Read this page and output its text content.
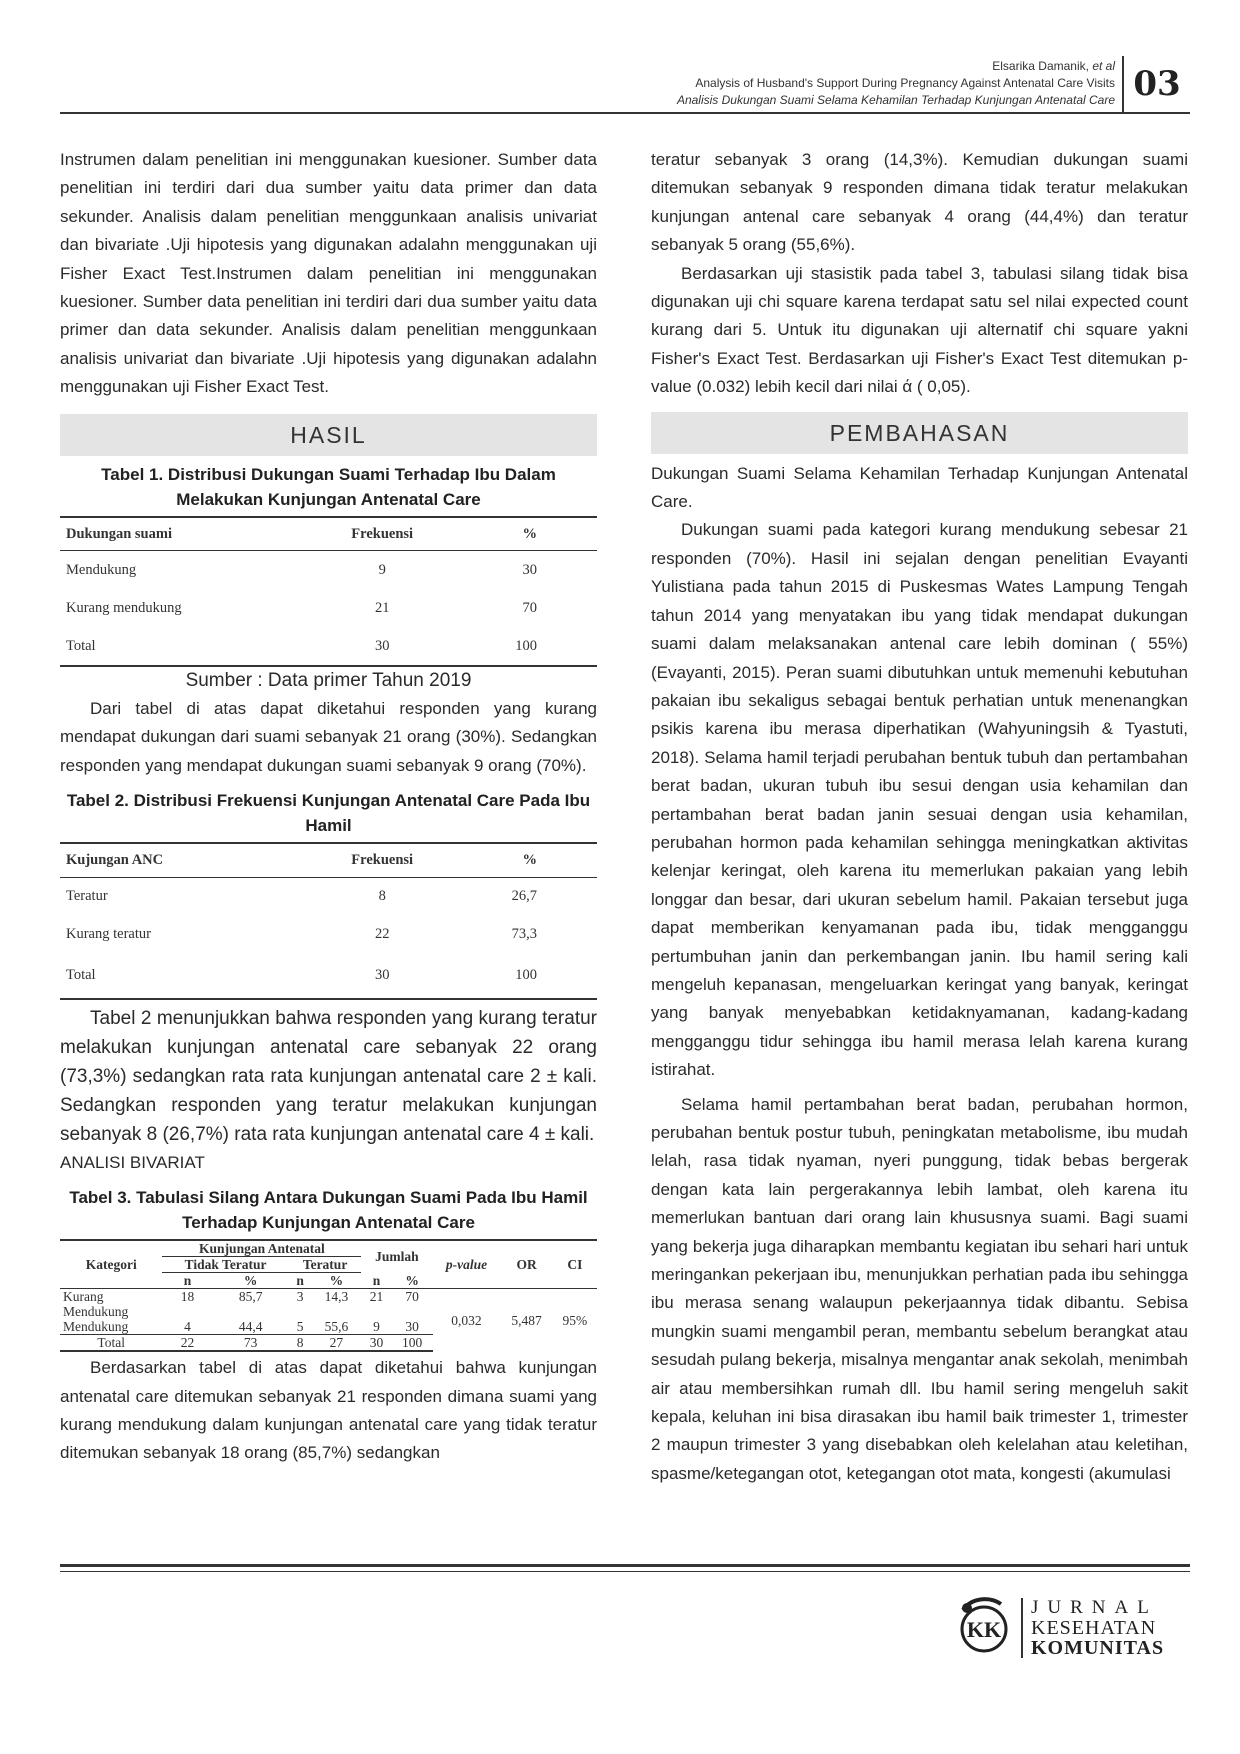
Elsarika Damanik, et al
Analysis of Husband's Support During Pregnancy Against Antenatal Care Visits
Analisis Dukungan Suami Selama Kehamilan Terhadap Kunjungan Antenatal Care 03

Instrumen dalam penelitian ini menggunakan kuesioner. Sumber data penelitian ini terdiri dari dua sumber yaitu data primer dan data sekunder. Analisis dalam penelitian menggunkaan analisis univariat dan bivariate .Uji hipotesis yang digunakan adalahn menggunakan uji Fisher Exact Test.Instrumen dalam penelitian ini menggunakan kuesioner. Sumber data penelitian ini terdiri dari dua sumber yaitu data primer dan data sekunder. Analisis dalam penelitian menggunkaan analisis univariat dan bivariate .Uji hipotesis yang digunakan adalahn menggunakan uji Fisher Exact Test.

HASIL
Tabel 1. Distribusi Dukungan Suami Terhadap Ibu Dalam Melakukan Kunjungan Antenatal Care
Dukungan suami	Frekuensi	%
Mendukung	9	30
Kurang mendukung	21	70
Total	30	100
Sumber : Data primer Tahun 2019

Dari tabel di atas dapat diketahui responden yang kurang mendapat dukungan dari suami sebanyak 21 orang (30%). Sedangkan responden yang mendapat dukungan suami sebanyak 9 orang (70%).

Tabel 2. Distribusi Frekuensi Kunjungan Antenatal Care Pada Ibu Hamil
Kujungan ANC	Frekuensi	%
Teratur	8	26,7
Kurang teratur	22	73,3
Total	30	100

Tabel 2 menunjukkan bahwa responden yang kurang teratur melakukan kunjungan antenatal care sebanyak 22 orang (73,3%) sedangkan rata rata kunjungan antenatal care 2 ± kali. Sedangkan responden yang teratur melakukan kunjungan sebanyak 8 (26,7%) rata rata kunjungan antenatal care 4 ± kali.

ANALISI BIVARIAT
Tabel 3. Tabulasi Silang Antara Dukungan Suami Pada Ibu Hamil Terhadap Kunjungan Antenatal Care
Kategori	Kunjungan Antenatal				Jumlah		p-value	OR	CI
	Tidak Teratur		Teratur						
	n	%	n	%	n	%			
Kurang	18	85,7	3	14,3	21	70	0,032	5,487	95%
Mendukung									
Mendukung	4	44,4	5	55,6	9	30			
Total	22	73	8	27	30	100			

Berdasarkan tabel di atas dapat diketahui bahwa kunjungan antenatal care ditemukan sebanyak 21 responden dimana suami yang kurang mendukung dalam kunjungan antenatal care yang tidak teratur ditemukan sebanyak 18 orang (85,7%) sedangkan

teratur sebanyak 3 orang (14,3%). Kemudian dukungan suami ditemukan sebanyak 9 responden dimana tidak teratur melakukan kunjungan antenal care sebanyak 4 orang (44,4%) dan teratur sebanyak 5 orang (55,6%).

Berdasarkan uji stasistik pada tabel 3, tabulasi silang tidak bisa digunakan uji chi square karena terdapat satu sel nilai expected count kurang dari 5. Untuk itu digunakan uji alternatif chi square yakni Fisher's Exact Test. Berdasarkan uji Fisher's Exact Test ditemukan p-value (0.032) lebih kecil dari nilai ά ( 0,05).

PEMBAHASAN

Dukungan Suami Selama Kehamilan Terhadap Kunjungan Antenatal Care.

Dukungan suami pada kategori kurang mendukung sebesar 21 responden (70%). Hasil ini sejalan dengan penelitian Evayanti Yulistiana pada tahun 2015 di Puskesmas Wates Lampung Tengah tahun 2014 yang menyatakan ibu yang tidak mendapat dukungan suami dalam melaksanakan antenal care lebih dominan ( 55%) (Evayanti, 2015). Peran suami dibutuhkan untuk memenuhi kebutuhan pakaian ibu sekaligus sebagai bentuk perhatian untuk menenangkan psikis karena ibu merasa diperhatikan (Wahyuningsih & Tyastuti, 2018). Selama hamil terjadi perubahan bentuk tubuh dan pertambahan berat badan, ukuran tubuh ibu sesui dengan usia kehamilan dan pertambahan berat badan janin sesuai dengan usia kehamilan, perubahan hormon pada kehamilan sehingga meningkatkan aktivitas kelenjar keringat, oleh karena itu memerlukan pakaian yang lebih longgar dan besar, dari ukuran sebelum hamil. Pakaian tersebut juga dapat memberikan kenyamanan pada ibu, tidak mengganggu pertumbuhan janin dan perkembangan janin. Ibu hamil sering kali mengeluh kepanasan, mengeluarkan keringat yang banyak, keringat yang banyak menyebabkan ketidaknyamanan, kadang-kadang mengganggu tidur sehingga ibu hamil merasa lelah karena kurang istirahat.

Selama hamil pertambahan berat badan, perubahan hormon, perubahan bentuk postur tubuh, peningkatan metabolisme, ibu mudah lelah, rasa tidak nyaman, nyeri punggung, tidak bebas bergerak dengan kata lain pergerakannya lebih lambat, oleh karena itu memerlukan bantuan dari orang lain khususnya suami. Bagi suami yang bekerja juga diharapkan membantu kegiatan ibu sehari hari untuk meringankan pekerjaan ibu, menunjukkan perhatian pada ibu sehingga ibu merasa senang walaupun pekerjaannya tidak dibantu. Sebisa mungkin suami mengambil peran, membantu sebelum berangkat atau sesudah pulang bekerja, misalnya mengantar anak sekolah, menimbah air atau membersihkan rumah dll. Ibu hamil sering mengeluh sakit kepala, keluhan ini bisa dirasakan ibu hamil baik trimester 1, trimester 2 maupun trimester 3 yang disebabkan oleh kelelahan atau keletihan, spasme/ketegangan otot, ketegangan otot mata, kongesti (akumulasi

KK
JURNAL
KESEHATAN
KOMUNITAS
